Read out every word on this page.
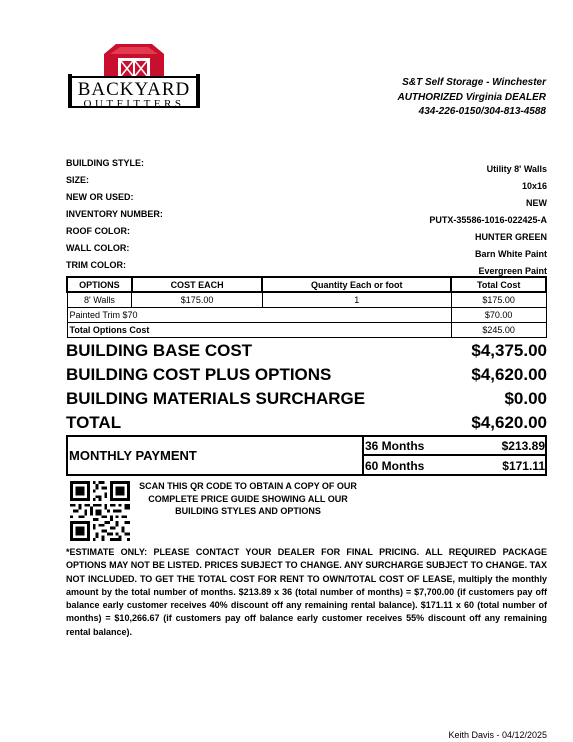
BACKYARD
OUTFITTERS
S&T Self Storage - Winchester
AUTHORIZED Virginia DEALER
434-226-0150/304-813-4588
BUILDING STYLE:
Utility 8' Walls
SIZE:
10x16
NEW OR USED:
NEW
INVENTORY NUMBER:
PUTX-35586-1016-022425-A
ROOF COLOR:
HUNTER GREEN
WALL COLOR:
Barn White Paint
TRIM COLOR:
Evergreen Paint
OPTIONS	COST EACH	Quantity Each or foot	Total Cost
8' Walls	$175.00	1	$175.00
Painted Trim $70			$70.00
Total Options Cost			$245.00
BUILDING BASE COST	$4,375.00
BUILDING COST PLUS OPTIONS	$4,620.00
BUILDING MATERIALS SURCHARGE	$0.00
TOTAL	$4,620.00
MONTHLY PAYMENT
36 Months	$213.89
60 Months	$171.11
SCAN THIS QR CODE TO OBTAIN A COPY OF OUR COMPLETE PRICE GUIDE SHOWING ALL OUR BUILDING STYLES AND OPTIONS
*ESTIMATE ONLY: PLEASE CONTACT YOUR DEALER FOR FINAL PRICING. ALL REQUIRED PACKAGE OPTIONS MAY NOT BE LISTED. PRICES SUBJECT TO CHANGE. ANY SURCHARGE SUBJECT TO CHANGE. TAX NOT INCLUDED. TO GET THE TOTAL COST FOR RENT TO OWN/TOTAL COST OF LEASE, multiply the monthly amount by the total number of months. $213.89 x 36 (total number of months) = $7,700.00 (if customers pay off balance early customer receives 40% discount off any remaining rental balance). $171.11 x 60 (total number of months) = $10,266.67 (if customers pay off balance early customer receives 55% discount off any remaining rental balance).
Keith Davis - 04/12/2025
